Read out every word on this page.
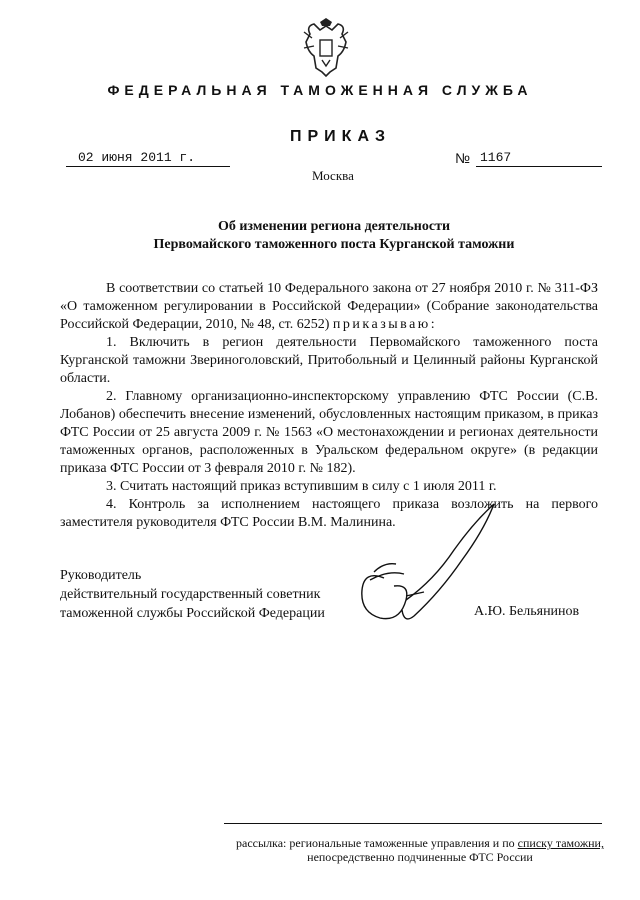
ФЕДЕРАЛЬНАЯ ТАМОЖЕННАЯ СЛУЖБА
ПРИКАЗ
02 июня 2011 г.	№ 1167
Москва
Об изменении региона деятельности
Первомайского таможенного поста Курганской таможни

В соответствии со статьей 10 Федерального закона от 27 ноября 2010 г. № 311-ФЗ «О таможенном регулировании в Российской Федерации» (Собрание законодательства Российской Федерации, 2010, № 48, ст. 6252) приказываю:

1. Включить в регион деятельности Первомайского таможенного поста Курганской таможни Звериноголовский, Притобольный и Целинный районы Курганской области.

2. Главному организационно-инспекторскому управлению ФТС России (С.В. Лобанов) обеспечить внесение изменений, обусловленных настоящим приказом, в приказ ФТС России от 25 августа 2009 г. № 1563 «О местонахождении и регионах деятельности таможенных органов, расположенных в Уральском федеральном округе» (в редакции приказа ФТС России от 3 февраля 2010 г. № 182).

3. Считать настоящий приказ вступившим в силу с 1 июля 2011 г.

4. Контроль за исполнением настоящего приказа возложить на первого заместителя руководителя ФТС России В.М. Малинина.

Руководитель
действительный государственный советник
таможенной службы Российской Федерации	А.Ю. Бельянинов
рассылка: региональные таможенные управления и по списку таможни,
непосредственно подчиненные ФТС России
